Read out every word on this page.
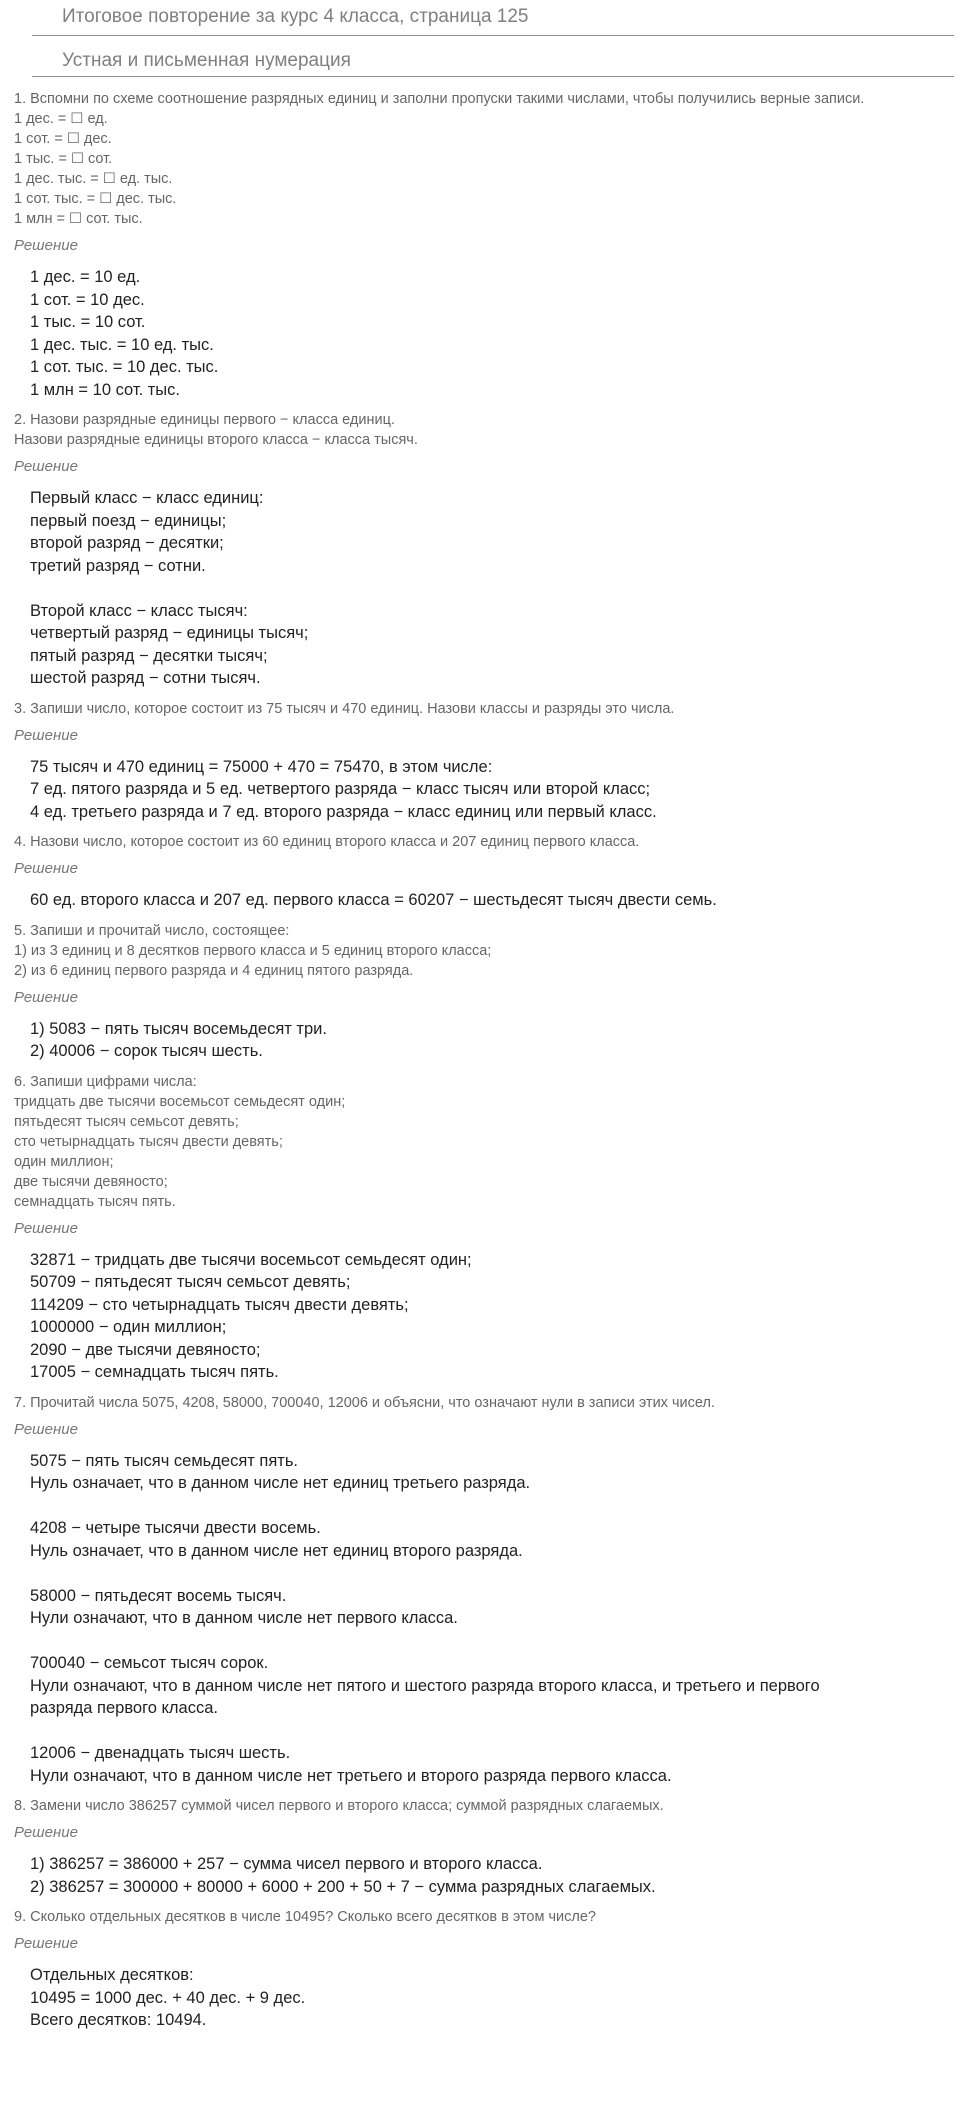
Итоговое повторение за курс 4 класса, страница 125
Устная и письменная нумерация
1. Вспомни по схеме соотношение разрядных единиц и заполни пропуски такими числами, чтобы получились верные записи.
1 дес. = ☐ ед.
1 сот. = ☐ дес.
1 тыс. = ☐ сот.
1 дес. тыс. = ☐ ед. тыс.
1 сот. тыс. = ☐ дес. тыс.
1 млн = ☐ сот. тыс.
Решение
1 дес. = 10 ед.
1 сот. = 10 дес.
1 тыс. = 10 сот.
1 дес. тыс. = 10 ед. тыс.
1 сот. тыс. = 10 дес. тыс.
1 млн = 10 сот. тыс.
2. Назови разрядные единицы первого − класса единиц.
Назови разрядные единицы второго класса − класса тысяч.
Решение
Первый класс − класс единиц:
первый поезд − единицы;
второй разряд − десятки;
третий разряд − сотни.
Второй класс − класс тысяч:
четвертый разряд − единицы тысяч;
пятый разряд − десятки тысяч;
шестой разряд − сотни тысяч.
3. Запиши число, которое состоит из 75 тысяч и 470 единиц. Назови классы и разряды это числа.
Решение
75 тысяч и 470 единиц = 75000 + 470 = 75470, в этом числе:
7 ед. пятого разряда и 5 ед. четвертого разряда − класс тысяч или второй класс;
4 ед. третьего разряда и 7 ед. второго разряда − класс единиц или первый класс.
4. Назови число, которое состоит из 60 единиц второго класса и 207 единиц первого класса.
Решение
60 ед. второго класса и 207 ед. первого класса = 60207 − шестьдесят тысяч двести семь.
5. Запиши и прочитай число, состоящее:
1) из 3 единиц и 8 десятков первого класса и 5 единиц второго класса;
2) из 6 единиц первого разряда и 4 единиц пятого разряда.
Решение
1) 5083 − пять тысяч восемьдесят три.
2) 40006 − сорок тысяч шесть.
6. Запиши цифрами числа:
тридцать две тысячи восемьсот семьдесят один;
пятьдесят тысяч семьсот девять;
сто четырнадцать тысяч двести девять;
один миллион;
две тысячи девяносто;
семнадцать тысяч пять.
Решение
32871 − тридцать две тысячи восемьсот семьдесят один;
50709 − пятьдесят тысяч семьсот девять;
114209 − сто четырнадцать тысяч двести девять;
1000000 − один миллион;
2090 − две тысячи девяносто;
17005 − семнадцать тысяч пять.
7. Прочитай числа 5075, 4208, 58000, 700040, 12006 и объясни, что означают нули в записи этих чисел.
Решение
5075 − пять тысяч семьдесят пять.
Нуль означает, что в данном числе нет единиц третьего разряда.
4208 − четыре тысячи двести восемь.
Нуль означает, что в данном числе нет единиц второго разряда.
58000 − пятьдесят восемь тысяч.
Нули означают, что в данном числе нет первого класса.
700040 − семьсот тысяч сорок.
Нули означают, что в данном числе нет пятого и шестого разряда второго класса, и третьего и первого
разряда первого класса.
12006 − двенадцать тысяч шесть.
Нули означают, что в данном числе нет третьего и второго разряда первого класса.
8. Замени число 386257 суммой чисел первого и второго класса; суммой разрядных слагаемых.
Решение
1) 386257 = 386000 + 257 − сумма чисел первого и второго класса.
2) 386257 = 300000 + 80000 + 6000 + 200 + 50 + 7 − сумма разрядных слагаемых.
9. Сколько отдельных десятков в числе 10495? Сколько всего десятков в этом числе?
Решение
Отдельных десятков:
10495 = 1000 дес. + 40 дес. + 9 дес.
Всего десятков: 10494.
